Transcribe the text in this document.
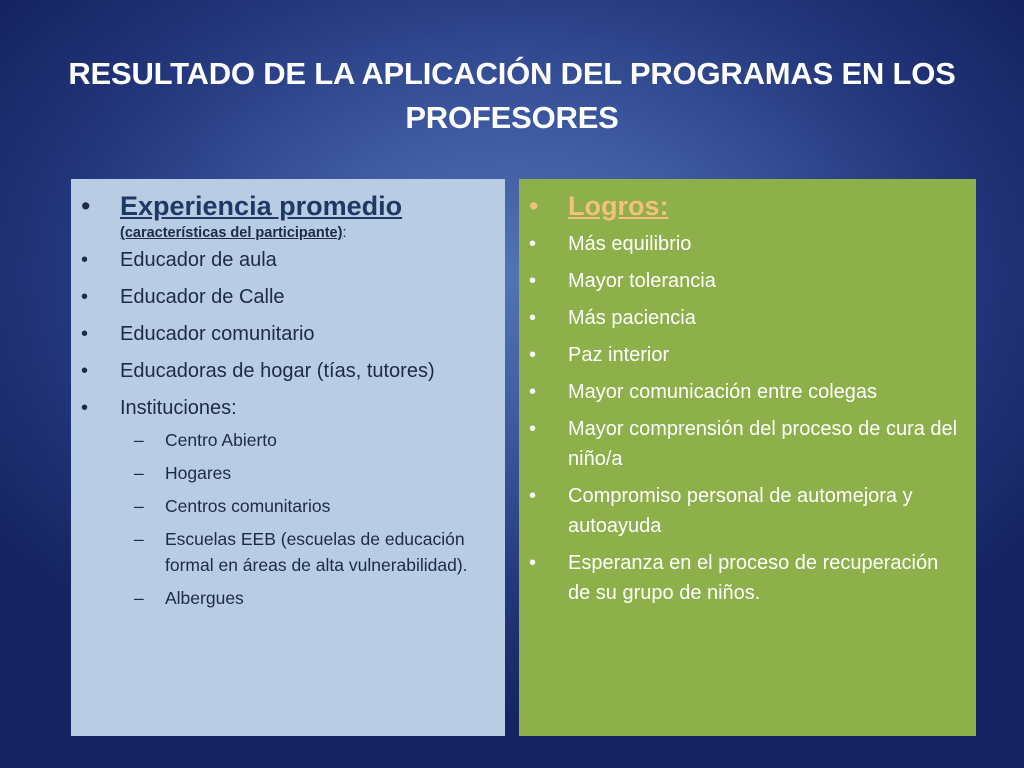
RESULTADO DE LA APLICACIÓN DEL PROGRAMAS EN LOS PROFESORES
•	Experiencia promedio
(características del participante):
•	Educador de aula
•	Educador de Calle
•	Educador comunitario
•	Educadoras de hogar (tías, tutores)
•	Instituciones:
– Centro Abierto
– Hogares
– Centros comunitarios
– Escuelas EEB (escuelas de educación formal en áreas de alta vulnerabilidad).
– Albergues
•	Logros:
•	Más equilibrio
•	Mayor tolerancia
•	Más paciencia
•	Paz interior
•	Mayor comunicación entre colegas
•	Mayor comprensión del proceso de cura del niño/a
•	Compromiso personal de automejora y autoayuda
•	Esperanza en el proceso de recuperación de su grupo de niños.
